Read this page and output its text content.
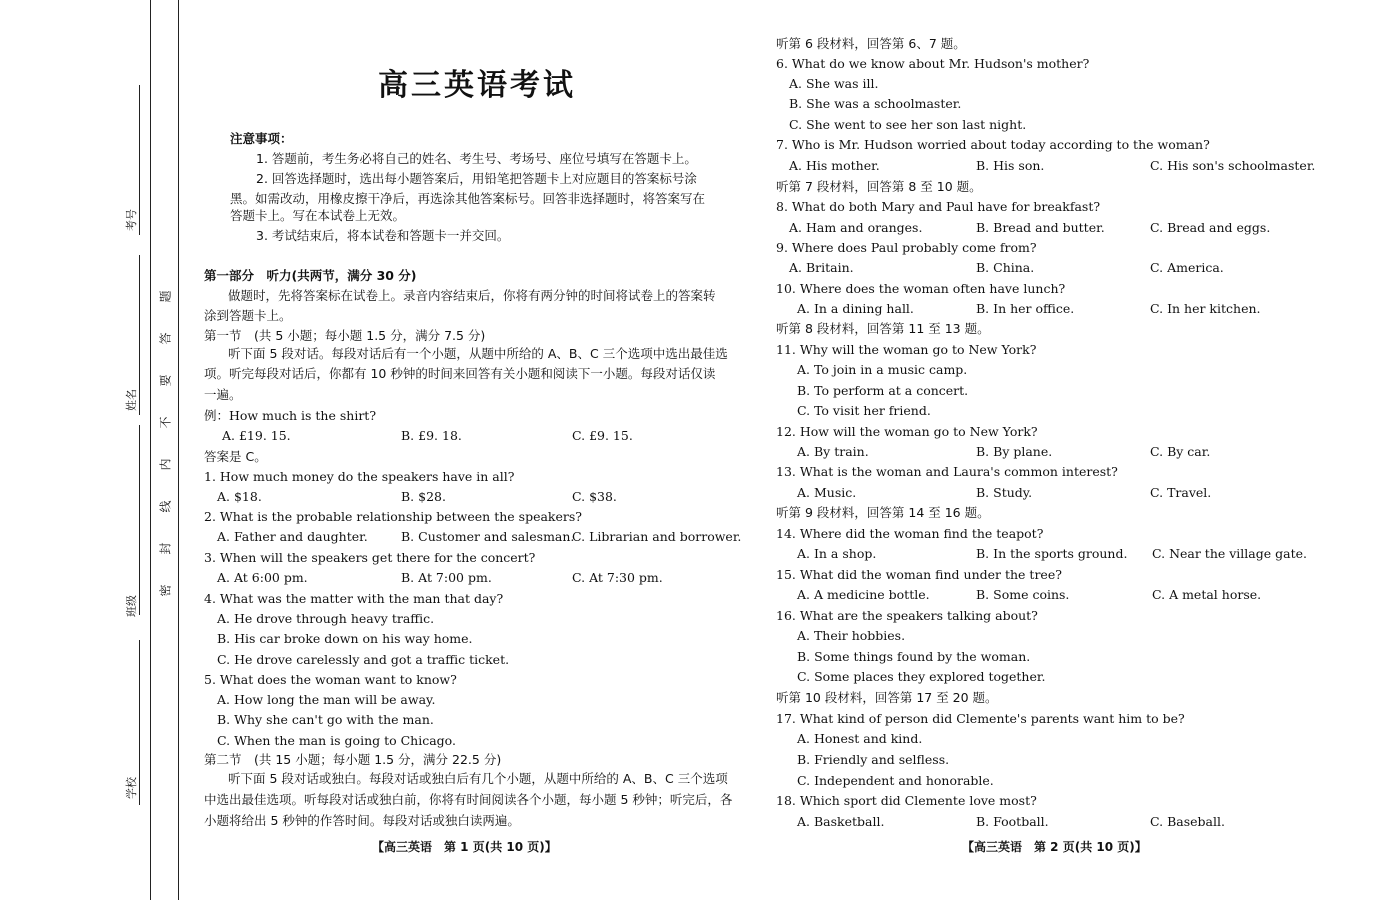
考号
姓名
班级
学校
题
答
要
不
内
线
封
密
高三英语考试
注意事项：
1. 答题前，考生务必将自己的姓名、考生号、考场号、座位号填写在答题卡上。
2. 回答选择题时，选出每小题答案后，用铅笔把答题卡上对应题目的答案标号涂
黑。如需改动，用橡皮擦干净后，再选涂其他答案标号。回答非选择题时，将答案写在
答题卡上。写在本试卷上无效。
3. 考试结束后，将本试卷和答题卡一并交回。
第一部分　听力(共两节，满分 30 分)
做题时，先将答案标在试卷上。录音内容结束后，你将有两分钟的时间将试卷上的答案转
涂到答题卡上。
第一节　(共 5 小题；每小题 1.5 分，满分 7.5 分)
听下面 5 段对话。每段对话后有一个小题，从题中所给的 A、B、C 三个选项中选出最佳选
项。听完每段对话后，你都有 10 秒钟的时间来回答有关小题和阅读下一小题。每段对话仅读
一遍。
例：How much is the shirt?
A. £19. 15.	B. £9. 18.	C. £9. 15.
答案是 C。
1. How much money do the speakers have in all?
A. $18.	B. $28.	C. $38.
2. What is the probable relationship between the speakers?
A. Father and daughter.	B. Customer and salesman.
C. Librarian and borrower.
3. When will the speakers get there for the concert?
A. At 6:00 pm.	B. At 7:00 pm.	C. At 7:30 pm.
4. What was the matter with the man that day?
A. He drove through heavy traffic.
B. His car broke down on his way home.
C. He drove carelessly and got a traffic ticket.
5. What does the woman want to know?
A. How long the man will be away.
B. Why she can't go with the man.
C. When the man is going to Chicago.
第二节　(共 15 小题；每小题 1.5 分，满分 22.5 分)
听下面 5 段对话或独白。每段对话或独白后有几个小题，从题中所给的 A、B、C 三个选项
中选出最佳选项。听每段对话或独白前，你将有时间阅读各个小题，每小题 5 秒钟；听完后，各
小题将给出 5 秒钟的作答时间。每段对话或独白读两遍。
【高三英语　第 1 页(共 10 页)】
听第 6 段材料，回答第 6、7 题。
6. What do we know about Mr. Hudson's mother?
A. She was ill.
B. She was a schoolmaster.
C. She went to see her son last night.
7. Who is Mr. Hudson worried about today according to the woman?
A. His mother.	B. His son.	C. His son's schoolmaster.
听第 7 段材料，回答第 8 至 10 题。
8. What do both Mary and Paul have for breakfast?
A. Ham and oranges.	B. Bread and butter.	C. Bread and eggs.
9. Where does Paul probably come from?
A. Britain.	B. China.	C. America.
10. Where does the woman often have lunch?
A. In a dining hall.	B. In her office.	C. In her kitchen.
听第 8 段材料，回答第 11 至 13 题。
11. Why will the woman go to New York?
A. To join in a music camp.
B. To perform at a concert.
C. To visit her friend.
12. How will the woman go to New York?
A. By train.	B. By plane.	C. By car.
13. What is the woman and Laura's common interest?
A. Music.	B. Study.	C. Travel.
听第 9 段材料，回答第 14 至 16 题。
14. Where did the woman find the teapot?
A. In a shop.	B. In the sports ground. C. Near the village gate.
15. What did the woman find under the tree?
A. A medicine bottle.	B. Some coins.	C. A metal horse.
16. What are the speakers talking about?
A. Their hobbies.
B. Some things found by the woman.
C. Some places they explored together.
听第 10 段材料，回答第 17 至 20 题。
17. What kind of person did Clemente's parents want him to be?
A. Honest and kind.
B. Friendly and selfless.
C. Independent and honorable.
18. Which sport did Clemente love most?
A. Basketball.	B. Football.	C. Baseball.
【高三英语　第 2 页(共 10 页)】
